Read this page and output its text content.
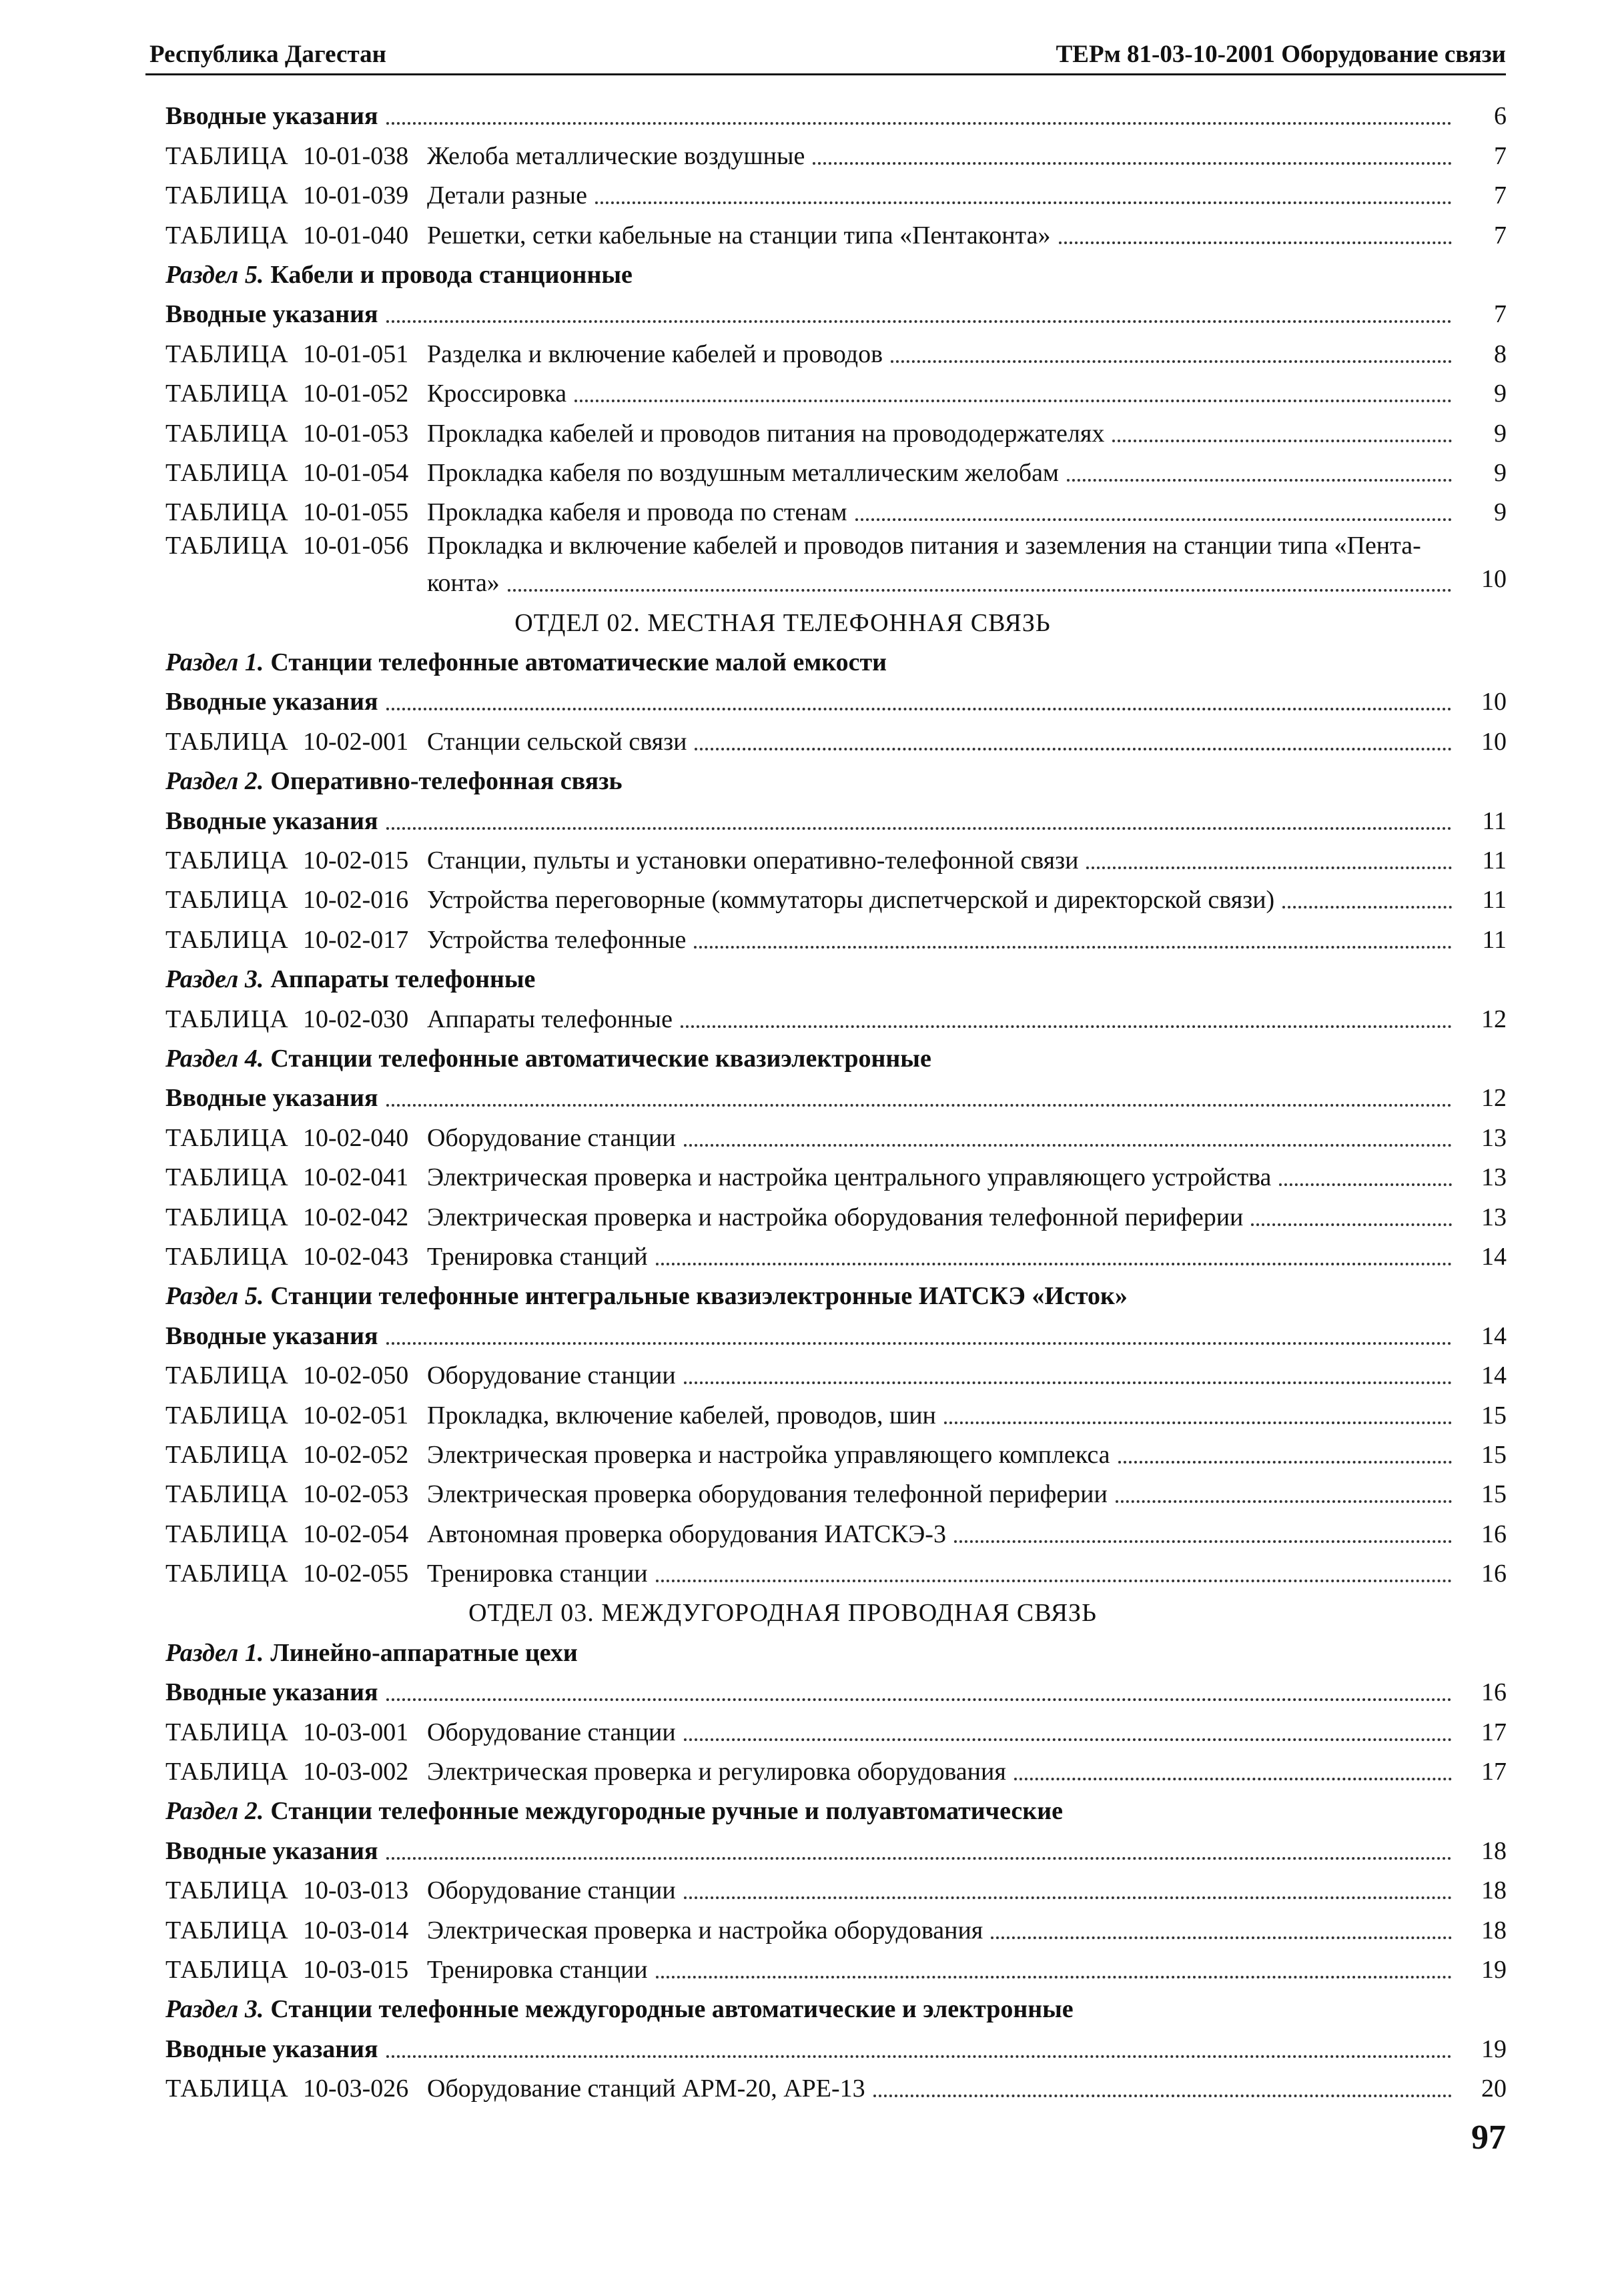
Республика Дагестан	ТЕРм 81-03-10-2001 Оборудование связи
Вводные указания	6
ТАБЛИЦА 10-01-038 Желоба металлические воздушные	7
ТАБЛИЦА 10-01-039 Детали разные	7
ТАБЛИЦА 10-01-040 Решетки, сетки кабельные на станции типа «Пентаконта»	7
Раздел 5. Кабели и провода станционные
Вводные указания	7
ТАБЛИЦА 10-01-051 Разделка и включение кабелей и проводов	8
ТАБЛИЦА 10-01-052 Кроссировка	9
ТАБЛИЦА 10-01-053 Прокладка кабелей и проводов питания на провододержателях	9
ТАБЛИЦА 10-01-054 Прокладка кабеля по воздушным металлическим желобам	9
ТАБЛИЦА 10-01-055 Прокладка кабеля и провода по стенам	9
ТАБЛИЦА 10-01-056 Прокладка и включение кабелей и проводов питания и заземления на станции типа «Пента-
конта»	10
ОТДЕЛ 02. МЕСТНАЯ ТЕЛЕФОННАЯ СВЯЗЬ
Раздел 1. Станции телефонные автоматические малой емкости
Вводные указания	10
ТАБЛИЦА 10-02-001 Станции сельской связи	10
Раздел 2. Оперативно-телефонная связь
Вводные указания	11
ТАБЛИЦА 10-02-015 Станции, пульты и установки оперативно-телефонной связи	11
ТАБЛИЦА 10-02-016 Устройства переговорные (коммутаторы диспетчерской и директорской связи)	11
ТАБЛИЦА 10-02-017 Устройства телефонные	11
Раздел 3. Аппараты телефонные
ТАБЛИЦА 10-02-030 Аппараты телефонные	12
Раздел 4. Станции телефонные автоматические квазиэлектронные
Вводные указания	12
ТАБЛИЦА 10-02-040 Оборудование станции	13
ТАБЛИЦА 10-02-041 Электрическая проверка и настройка центрального управляющего устройства	13
ТАБЛИЦА 10-02-042 Электрическая проверка и настройка оборудования телефонной периферии	13
ТАБЛИЦА 10-02-043 Тренировка станций	14
Раздел 5. Станции телефонные интегральные квазиэлектронные ИАТСКЭ «Исток»
Вводные указания	14
ТАБЛИЦА 10-02-050 Оборудование станции	14
ТАБЛИЦА 10-02-051 Прокладка, включение кабелей, проводов, шин	15
ТАБЛИЦА 10-02-052 Электрическая проверка и настройка управляющего комплекса	15
ТАБЛИЦА 10-02-053 Электрическая проверка оборудования телефонной периферии	15
ТАБЛИЦА 10-02-054 Автономная проверка оборудования ИАТСКЭ-3	16
ТАБЛИЦА 10-02-055 Тренировка станции	16
ОТДЕЛ 03. МЕЖДУГОРОДНАЯ ПРОВОДНАЯ СВЯЗЬ
Раздел 1. Линейно-аппаратные цехи
Вводные указания	16
ТАБЛИЦА 10-03-001 Оборудование станции	17
ТАБЛИЦА 10-03-002 Электрическая проверка и регулировка оборудования	17
Раздел 2. Станции телефонные междугородные ручные и полуавтоматические
Вводные указания	18
ТАБЛИЦА 10-03-013 Оборудование станции	18
ТАБЛИЦА 10-03-014 Электрическая проверка и настройка оборудования	18
ТАБЛИЦА 10-03-015 Тренировка станции	19
Раздел 3. Станции телефонные междугородные автоматические и электронные
Вводные указания	19
ТАБЛИЦА 10-03-026 Оборудование станций АРМ-20, АРЕ-13	20
97
